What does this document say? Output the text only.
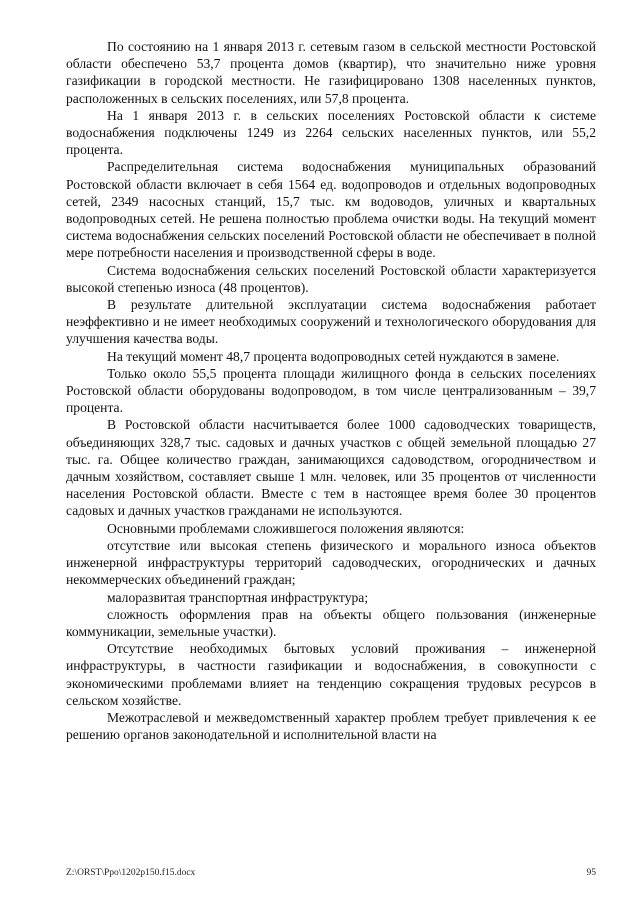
По состоянию на 1 января 2013 г. сетевым газом в сельской местности Ростовской области обеспечено 53,7 процента домов (квартир), что значительно ниже уровня газификации в городской местности. Не газифицировано 1308 населенных пунктов, расположенных в сельских поселениях, или 57,8 процента.

На 1 января 2013 г. в сельских поселениях Ростовской области к системе водоснабжения подключены 1249 из 2264 сельских населенных пунктов, или 55,2 процента.

Распределительная система водоснабжения муниципальных образований Ростовской области включает в себя 1564 ед. водопроводов и отдельных водопроводных сетей, 2349 насосных станций, 15,7 тыс. км водоводов, уличных и квартальных водопроводных сетей. Не решена полностью проблема очистки воды. На текущий момент система водоснабжения сельских поселений Ростовской области не обеспечивает в полной мере потребности населения и производственной сферы в воде.

Система водоснабжения сельских поселений Ростовской области характеризуется высокой степенью износа (48 процентов).

В результате длительной эксплуатации система водоснабжения работает неэффективно и не имеет необходимых сооружений и технологического оборудования для улучшения качества воды.

На текущий момент 48,7 процента водопроводных сетей нуждаются в замене.

Только около 55,5 процента площади жилищного фонда в сельских поселениях Ростовской области оборудованы водопроводом, в том числе централизованным – 39,7 процента.

В Ростовской области насчитывается более 1000 садоводческих товариществ, объединяющих 328,7 тыс. садовых и дачных участков с общей земельной площадью 27 тыс. га. Общее количество граждан, занимающихся садоводством, огородничеством и дачным хозяйством, составляет свыше 1 млн. человек, или 35 процентов от численности населения Ростовской области. Вместе с тем в настоящее время более 30 процентов садовых и дачных участков гражданами не используются.

Основными проблемами сложившегося положения являются:

отсутствие или высокая степень физического и морального износа объектов инженерной инфраструктуры территорий садоводческих, огороднических и дачных некоммерческих объединений граждан;

малоразвитая транспортная инфраструктура;

сложность оформления прав на объекты общего пользования (инженерные коммуникации, земельные участки).

Отсутствие необходимых бытовых условий проживания – инженерной инфраструктуры, в частности газификации и водоснабжения, в совокупности с экономическими проблемами влияет на тенденцию сокращения трудовых ресурсов в сельском хозяйстве.

Межотраслевой и межведомственный характер проблем требует привлечения к ее решению органов законодательной и исполнительной власти на

Z:\ORST\Ppo\1202p150.f15.docx	95
